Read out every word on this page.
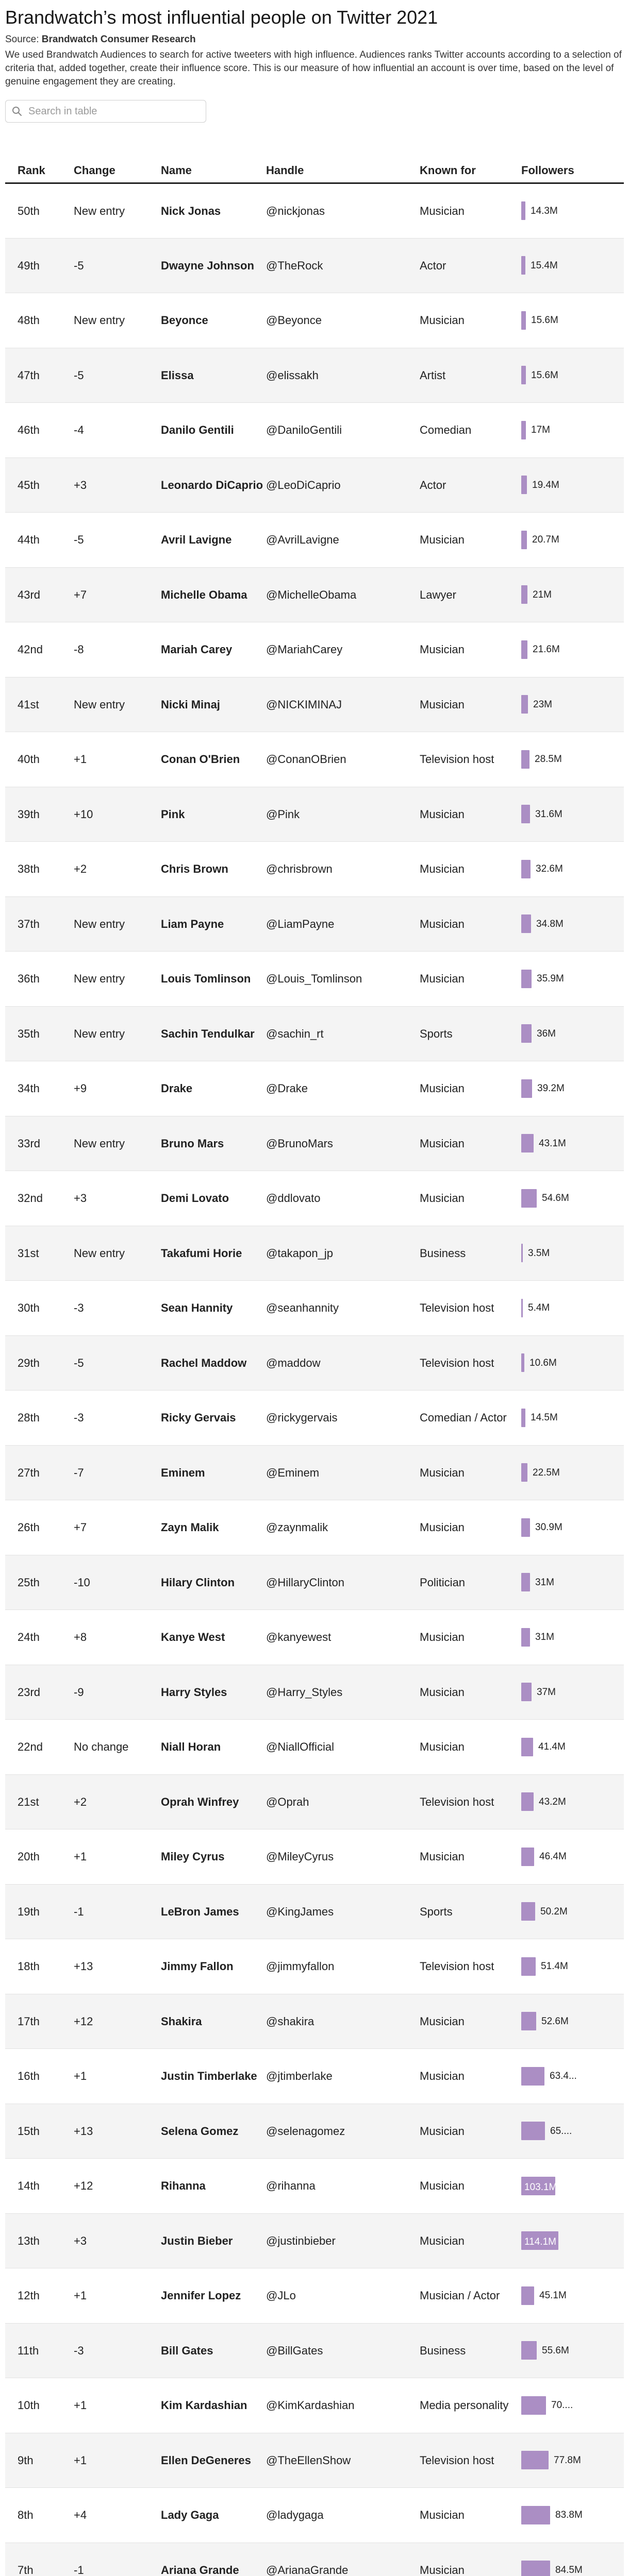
Brandwatch’s most influential people on Twitter 2021
Source: Brandwatch Consumer Research
We used Brandwatch Audiences to search for active tweeters with high influence. Audiences ranks Twitter accounts according to a selection of criteria that, added together, create their influence score. This is our measure of how influential an account is over time, based on the level of genuine engagement they are creating.
Search in table
Rank	Change	Name	Handle	Known for	Followers
50th	New entry	Nick Jonas	@nickjonas	Musician	14.3M
49th	-5	Dwayne Johnson	@TheRock	Actor	15.4M
48th	New entry	Beyonce	@Beyonce	Musician	15.6M
47th	-5	Elissa	@elissakh	Artist	15.6M
46th	-4	Danilo Gentili	@DaniloGentili	Comedian	17M
45th	+3	Leonardo DiCaprio	@LeoDiCaprio	Actor	19.4M
44th	-5	Avril Lavigne	@AvrilLavigne	Musician	20.7M
43rd	+7	Michelle Obama	@MichelleObama	Lawyer	21M
42nd	-8	Mariah Carey	@MariahCarey	Musician	21.6M
41st	New entry	Nicki Minaj	@NICKIMINAJ	Musician	23M
40th	+1	Conan O'Brien	@ConanOBrien	Television host	28.5M
39th	+10	Pink	@Pink	Musician	31.6M
38th	+2	Chris Brown	@chrisbrown	Musician	32.6M
37th	New entry	Liam Payne	@LiamPayne	Musician	34.8M
36th	New entry	Louis Tomlinson	@Louis_Tomlinson	Musician	35.9M
35th	New entry	Sachin Tendulkar	@sachin_rt	Sports	36M
34th	+9	Drake	@Drake	Musician	39.2M
33rd	New entry	Bruno Mars	@BrunoMars	Musician	43.1M
32nd	+3	Demi Lovato	@ddlovato	Musician	54.6M
31st	New entry	Takafumi Horie	@takapon_jp	Business	3.5M
30th	-3	Sean Hannity	@seanhannity	Television host	5.4M
29th	-5	Rachel Maddow	@maddow	Television host	10.6M
28th	-3	Ricky Gervais	@rickygervais	Comedian / Actor	14.5M
27th	-7	Eminem	@Eminem	Musician	22.5M
26th	+7	Zayn Malik	@zaynmalik	Musician	30.9M
25th	-10	Hilary Clinton	@HillaryClinton	Politician	31M
24th	+8	Kanye West	@kanyewest	Musician	31M
23rd	-9	Harry Styles	@Harry_Styles	Musician	37M
22nd	No change	Niall Horan	@NiallOfficial	Musician	41.4M
21st	+2	Oprah Winfrey	@Oprah	Television host	43.2M
20th	+1	Miley Cyrus	@MileyCyrus	Musician	46.4M
19th	-1	LeBron James	@KingJames	Sports	50.2M
18th	+13	Jimmy Fallon	@jimmyfallon	Television host	51.4M
17th	+12	Shakira	@shakira	Musician	52.6M
16th	+1	Justin Timberlake	@jtimberlake	Musician	63.4...
15th	+13	Selena Gomez	@selenagomez	Musician	65....
14th	+12	Rihanna	@rihanna	Musician	103.1M

13th	+3	Justin Bieber	@justinbieber	Musician	114.1M

12th	+1	Jennifer Lopez	@JLo	Musician / Actor	45.1M
11th	-3	Bill Gates	@BillGates	Business	55.6M
10th	+1	Kim Kardashian	@KimKardashian	Media personality	70....
9th	+1	Ellen DeGeneres	@TheEllenShow	Television host	77.8M
8th	+4	Lady Gaga	@ladygaga	Musician	83.8M
7th	-1	Ariana Grande	@ArianaGrande	Musician	84.5M
